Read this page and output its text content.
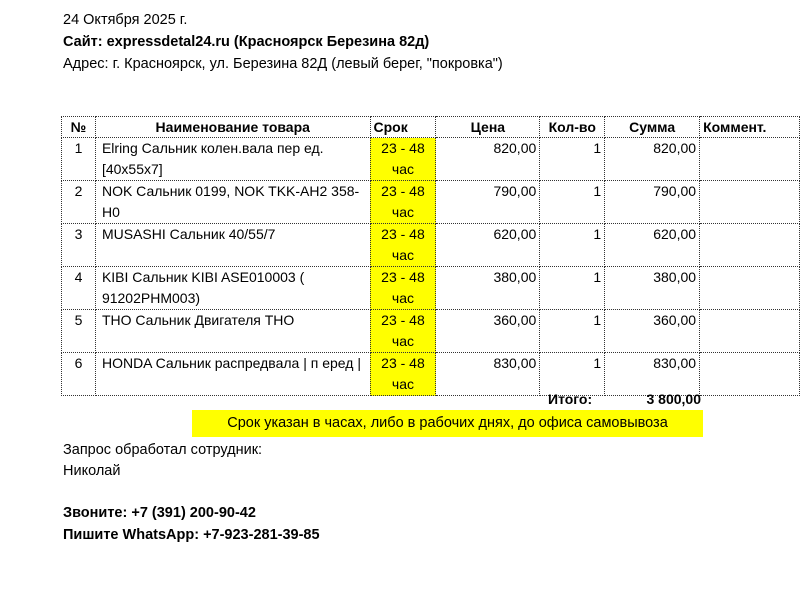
24 Октября 2025 г.
Сайт: expressdetal24.ru (Красноярск Березина 82д)
Адрес: г. Красноярск, ул. Березина 82Д (левый берег, "покровка")
№	Наименование товара	Срок	Цена	Кол-во	Сумма	Коммент.
1	Elring Сальник колен.вала пер ед. [40x55x7]	23 - 48 час	820,00	1	820,00	
2	NOK Сальник 0199, NOK TKK-AH2 358-H0	23 - 48 час	790,00	1	790,00	
3	MUSASHI Сальник 40/55/7	23 - 48 час	620,00	1	620,00	
4	KIBI Сальник KIBI ASE010003 ( 91202PHM003)	23 - 48 час	380,00	1	380,00	
5	THO Сальник Двигателя THO	23 - 48 час	360,00	1	360,00	
6	HONDA Сальник распредвала | п еред |	23 - 48 час	830,00	1	830,00	
Итого:	3 800,00
Срок указан в часах, либо в рабочих днях, до офиса самовывоза
Запрос обработал сотрудник:
Николай
Звоните: +7 (391) 200-90-42
Пишите WhatsApp: +7-923-281-39-85
